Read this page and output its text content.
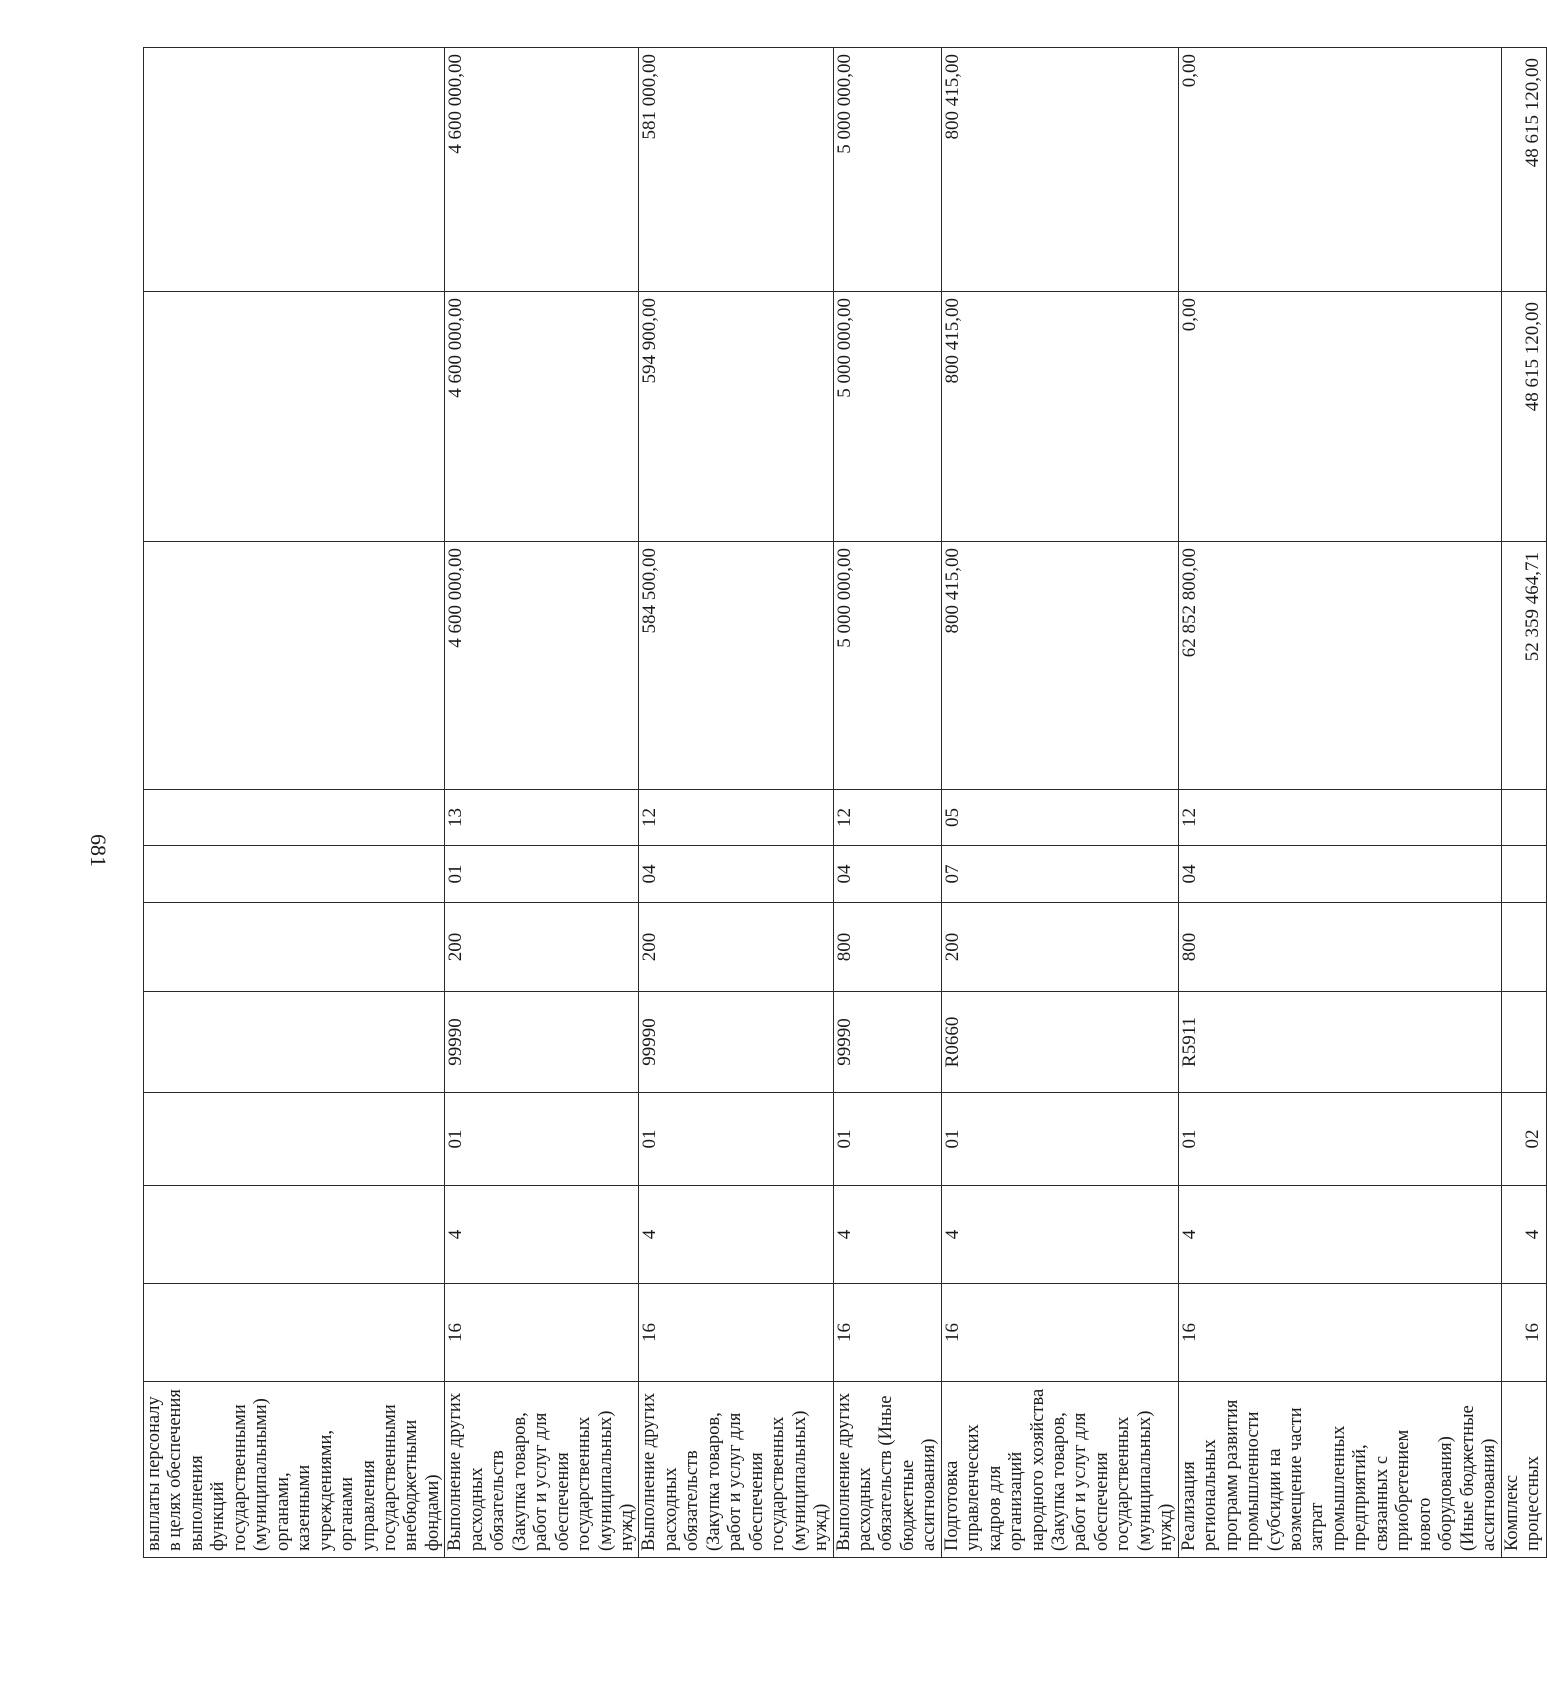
681
выплаты персоналу в целях обеспечения выполнения функций государственными (муниципальными) органами, казенными учреждениями, органами управления государственными внебюджетными фондами)										
Выполнение других расходных обязательств (Закупка товаров, работ и услуг для обеспечения государственных (муниципальных) нужд)	16	4	01	99990	200	01	13	4 600 000,00	4 600 000,00	4 600 000,00
Выполнение других расходных обязательств (Закупка товаров, работ и услуг для обеспечения государственных (муниципальных) нужд)	16	4	01	99990	200	04	12	584 500,00	594 900,00	581 000,00
Выполнение других расходных обязательств (Иные бюджетные ассигнования)	16	4	01	99990	800	04	12	5 000 000,00	5 000 000,00	5 000 000,00
Подготовка управленческих кадров для организаций народного хозяйства (Закупка товаров, работ и услуг для обеспечения государственных (муниципальных) нужд)	16	4	01	R0660	200	07	05	800 415,00	800 415,00	800 415,00
Реализация региональных программ развития промышленности (субсидии на возмещение части затрат промышленных предприятий, связанных с приобретением нового оборудования) (Иные бюджетные ассигнования)	16	4	01	R5911	800	04	12	62 852 800,00	0,00	0,00
Комплекс процессных	16	4	02					52 359 464,71	48 615 120,00	48 615 120,00
